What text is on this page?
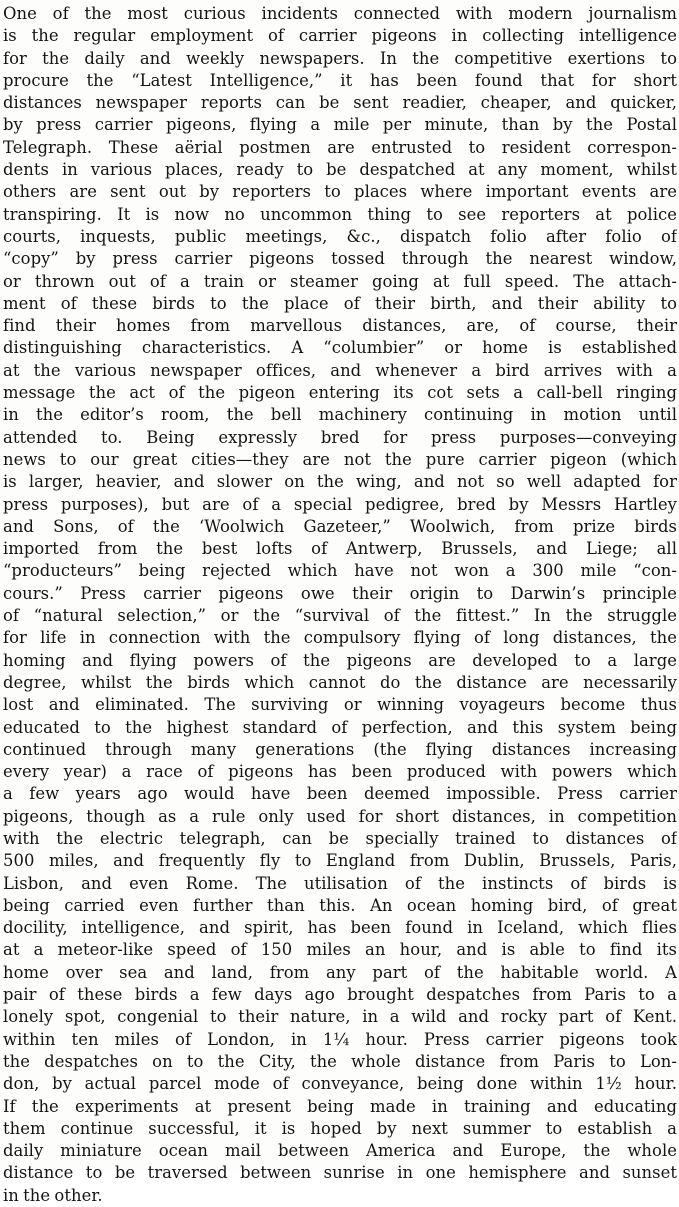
One of the most curious incidents connected with modern journalism
is the regular employment of carrier pigeons in collecting intelligence
for the daily and weekly newspapers. In the competitive exertions to
procure the “Latest Intelligence,” it has been found that for short
distances newspaper reports can be sent readier, cheaper, and quicker,
by press carrier pigeons, flying a mile per minute, than by the Postal
Telegraph. These aërial postmen are entrusted to resident correspon-
dents in various places, ready to be despatched at any moment, whilst
others are sent out by reporters to places where important events are
transpiring. It is now no uncommon thing to see reporters at police
courts, inquests, public meetings, &c., dispatch folio after folio of
“copy” by press carrier pigeons tossed through the nearest window,
or thrown out of a train or steamer going at full speed. The attach-
ment of these birds to the place of their birth, and their ability to
find their homes from marvellous distances, are, of course, their
distinguishing characteristics. A “columbier” or home is established
at the various newspaper offices, and whenever a bird arrives with a
message the act of the pigeon entering its cot sets a call-bell ringing
in the editor’s room, the bell machinery continuing in motion until
attended to. Being expressly bred for press purposes—conveying
news to our great cities—they are not the pure carrier pigeon (which
is larger, heavier, and slower on the wing, and not so well adapted for
press purposes), but are of a special pedigree, bred by Messrs Hartley
and Sons, of the ‘Woolwich Gazeteer,” Woolwich, from prize birds
imported from the best lofts of Antwerp, Brussels, and Liege; all
“producteurs” being rejected which have not won a 300 mile “con-
cours.” Press carrier pigeons owe their origin to Darwin’s principle
of “natural selection,” or the “survival of the fittest.” In the struggle
for life in connection with the compulsory flying of long distances, the
homing and flying powers of the pigeons are developed to a large
degree, whilst the birds which cannot do the distance are necessarily
lost and eliminated. The surviving or winning voyageurs become thus
educated to the highest standard of perfection, and this system being
continued through many generations (the flying distances increasing
every year) a race of pigeons has been produced with powers which
a few years ago would have been deemed impossible. Press carrier
pigeons, though as a rule only used for short distances, in competition
with the electric telegraph, can be specially trained to distances of
500 miles, and frequently fly to England from Dublin, Brussels, Paris,
Lisbon, and even Rome. The utilisation of the instincts of birds is
being carried even further than this. An ocean homing bird, of great
docility, intelligence, and spirit, has been found in Iceland, which flies
at a meteor-like speed of 150 miles an hour, and is able to find its
home over sea and land, from any part of the habitable world. A
pair of these birds a few days ago brought despatches from Paris to a
lonely spot, congenial to their nature, in a wild and rocky part of Kent.
within ten miles of London, in 1¼ hour. Press carrier pigeons took
the despatches on to the City, the whole distance from Paris to Lon-
don, by actual parcel mode of conveyance, being done within 1½ hour.
If the experiments at present being made in training and educating
them continue successful, it is hoped by next summer to establish a
daily miniature ocean mail between America and Europe, the whole
distance to be traversed between sunrise in one hemisphere and sunset
in the other.
